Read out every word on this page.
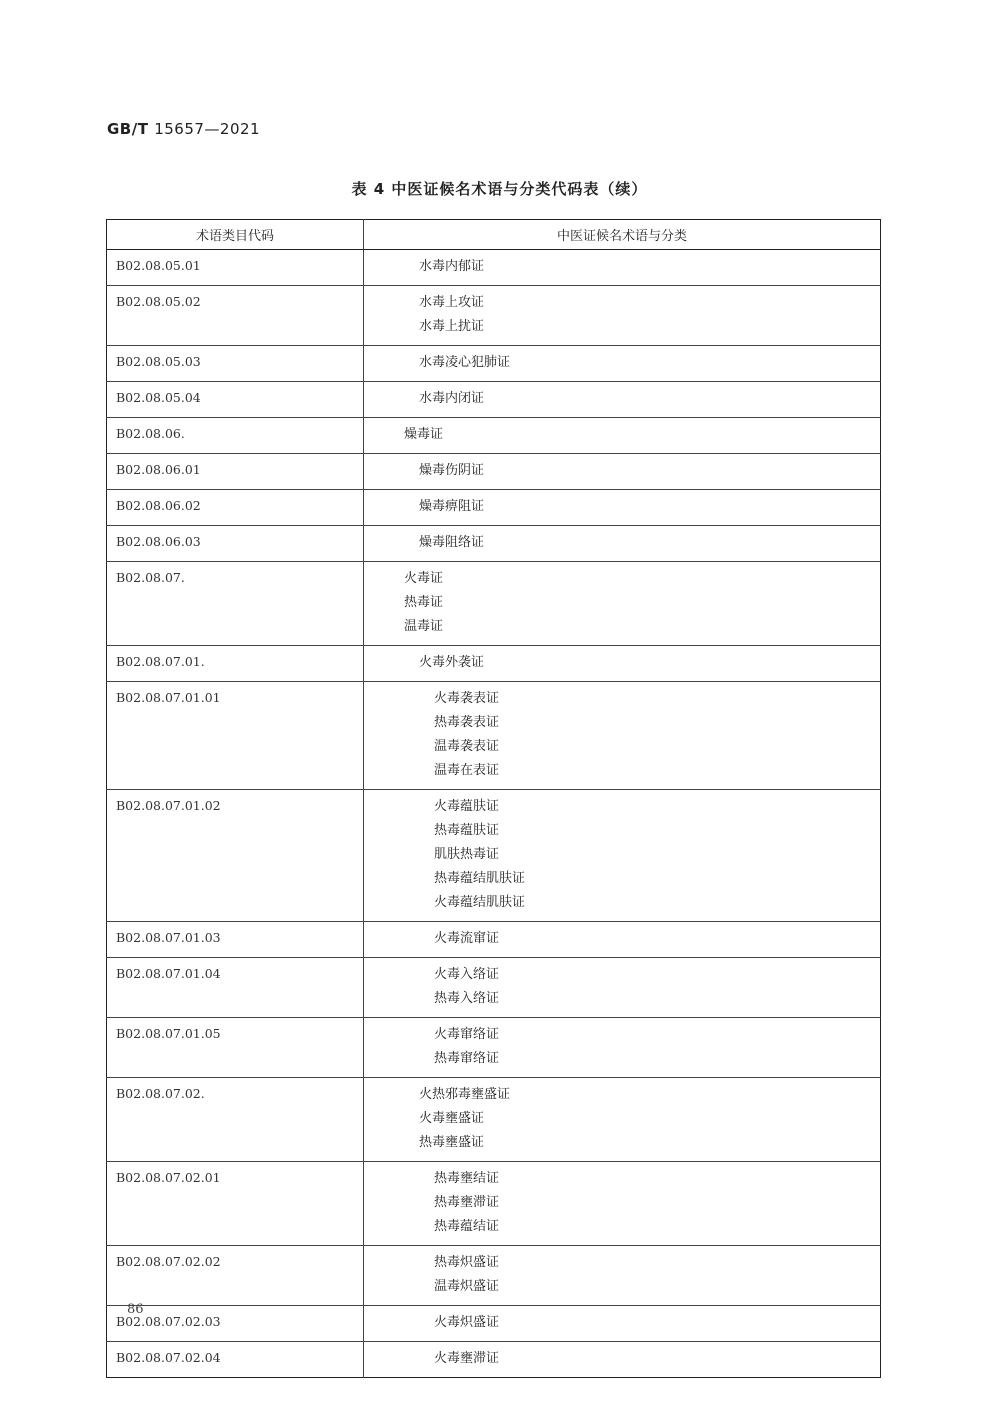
GB/T 15657—2021
表 4 中医证候名术语与分类代码表（续）
术语类目代码	中医证候名术语与分类
B02.08.05.01	水毒内郁证

B02.08.05.02	水毒上攻证
水毒上扰证

B02.08.05.03	水毒凌心犯肺证

B02.08.05.04	水毒内闭证

B02.08.06.	燥毒证

B02.08.06.01	燥毒伤阴证

B02.08.06.02	燥毒痹阻证

B02.08.06.03	燥毒阻络证

B02.08.07.	火毒证
热毒证
温毒证

B02.08.07.01.	火毒外袭证

B02.08.07.01.01	火毒袭表证
热毒袭表证
温毒袭表证
温毒在表证

B02.08.07.01.02	火毒蕴肤证
热毒蕴肤证
肌肤热毒证
热毒蕴结肌肤证
火毒蕴结肌肤证

B02.08.07.01.03	火毒流窜证

B02.08.07.01.04	火毒入络证
热毒入络证

B02.08.07.01.05	火毒窜络证
热毒窜络证

B02.08.07.02.	火热邪毒壅盛证
火毒壅盛证
热毒壅盛证

B02.08.07.02.01	热毒壅结证
热毒壅滞证
热毒蕴结证

B02.08.07.02.02	热毒炽盛证
温毒炽盛证

B02.08.07.02.03	火毒炽盛证

B02.08.07.02.04	火毒壅滞证
86
